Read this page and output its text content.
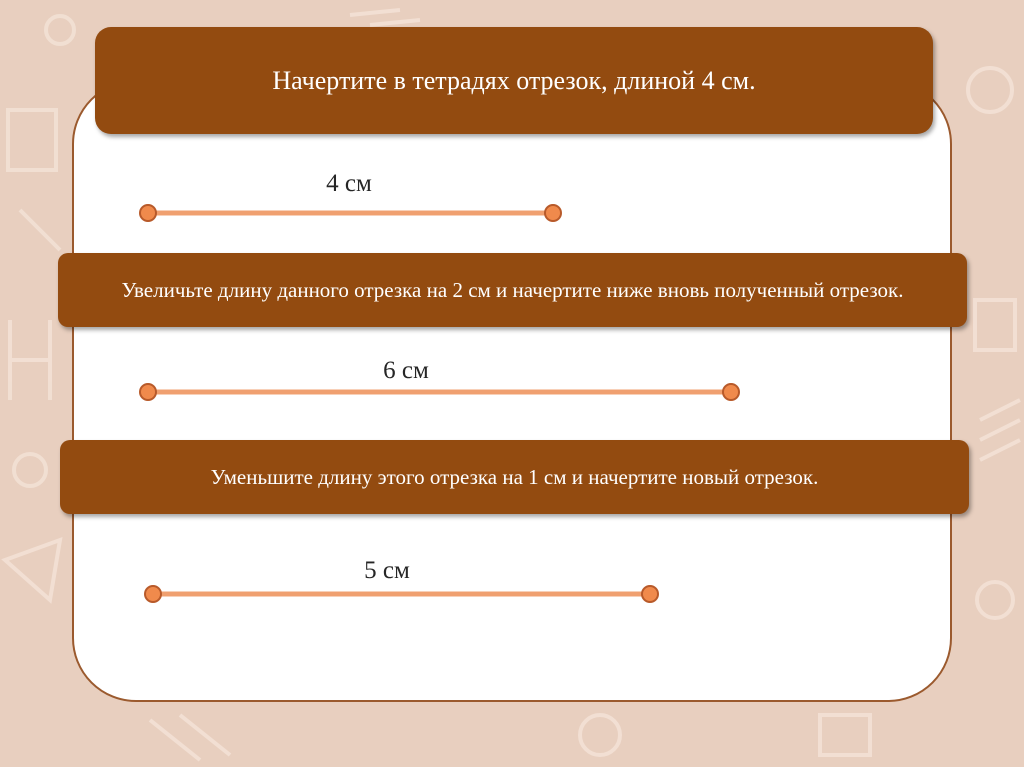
Начертите в тетрадях отрезок, длиной 4 см.
Увеличьте длину данного отрезка на 2 см и начертите ниже вновь полученный отрезок.
Уменьшите длину этого отрезка на 1 см и начертите новый отрезок.
4 см
6 см
5 см
